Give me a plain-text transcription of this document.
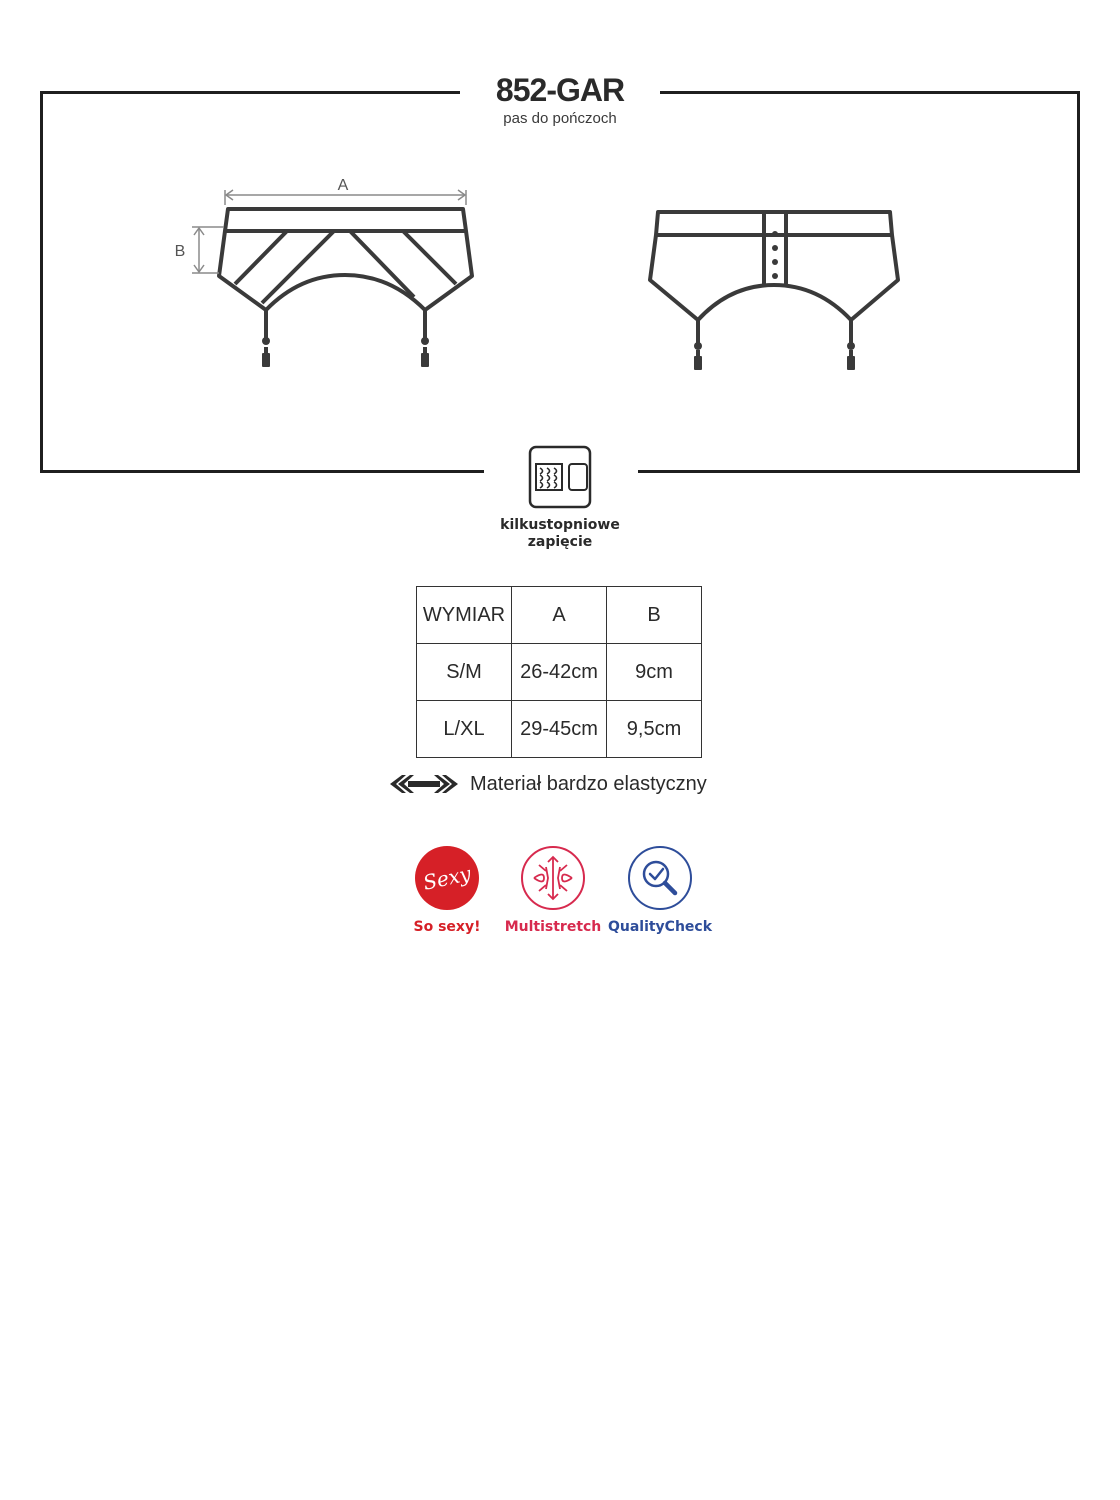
A
B
852-GAR
pas do pończoch
kilkustopniowe
zapięcie
WYMIAR	A	B
S/M	26-42cm	9cm
L/XL	29-45cm	9,5cm
Materiał bardzo elastyczny
Sexy
So sexy!	Multistretch QualityCheck
